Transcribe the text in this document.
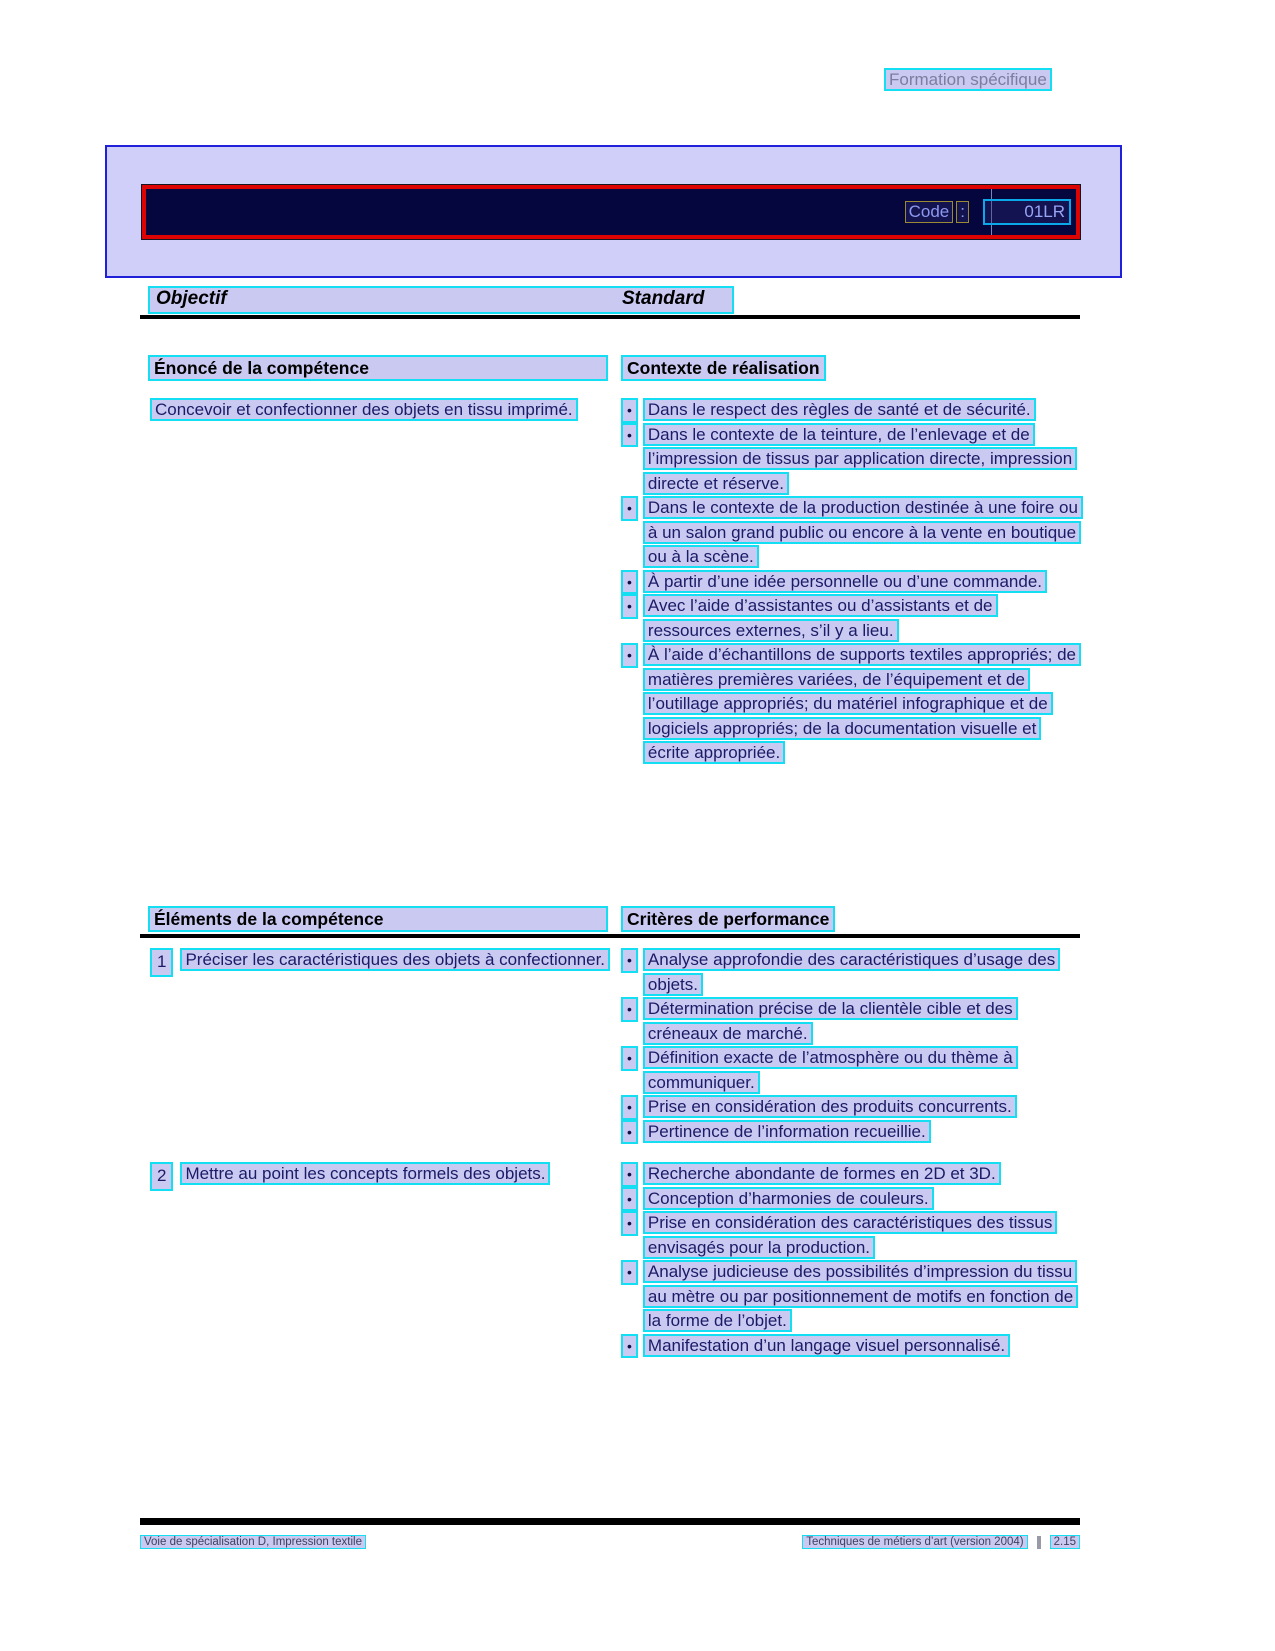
Formation spécifique
Code :	01LR
Objectif	Standard
Énoncé de la compétence	Contexte de réalisation
Concevoir et confectionner des objets en tissu imprimé.	• Dans le respect des règles de santé et de sécurité.
• Dans le contexte de la teinture, de l’enlevage et de l’impression de tissus par application directe, impression directe et réserve.
• Dans le contexte de la production destinée à une foire ou à un salon grand public ou encore à la vente en boutique ou à la scène.
• À partir d’une idée personnelle ou d’une commande.
• Avec l’aide d’assistantes ou d’assistants et de ressources externes, s’il y a lieu.
• À l’aide d’échantillons de supports textiles appropriés; de matières premières variées, de l’équipement et de l’outillage appropriés; du matériel infographique et de logiciels appropriés; de la documentation visuelle et écrite appropriée.
Éléments de la compétence	Critères de performance
1	Préciser les caractéristiques des objets à confectionner.	• Analyse approfondie des caractéristiques d’usage des objets.
• Détermination précise de la clientèle cible et des créneaux de marché.
• Définition exacte de l’atmosphère ou du thème à communiquer.
• Prise en considération des produits concurrents.
• Pertinence de l’information recueillie.
2	Mettre au point les concepts formels des objets.	• Recherche abondante de formes en 2D et 3D.
• Conception d’harmonies de couleurs.
• Prise en considération des caractéristiques des tissus envisagés pour la production.
• Analyse judicieuse des possibilités d’impression du tissu au mètre ou par positionnement de motifs en fonction de la forme de l’objet.
• Manifestation d’un langage visuel personnalisé.
Voie de spécialisation D, Impression textile	Techniques de métiers d’art (version 2004)	2.15
